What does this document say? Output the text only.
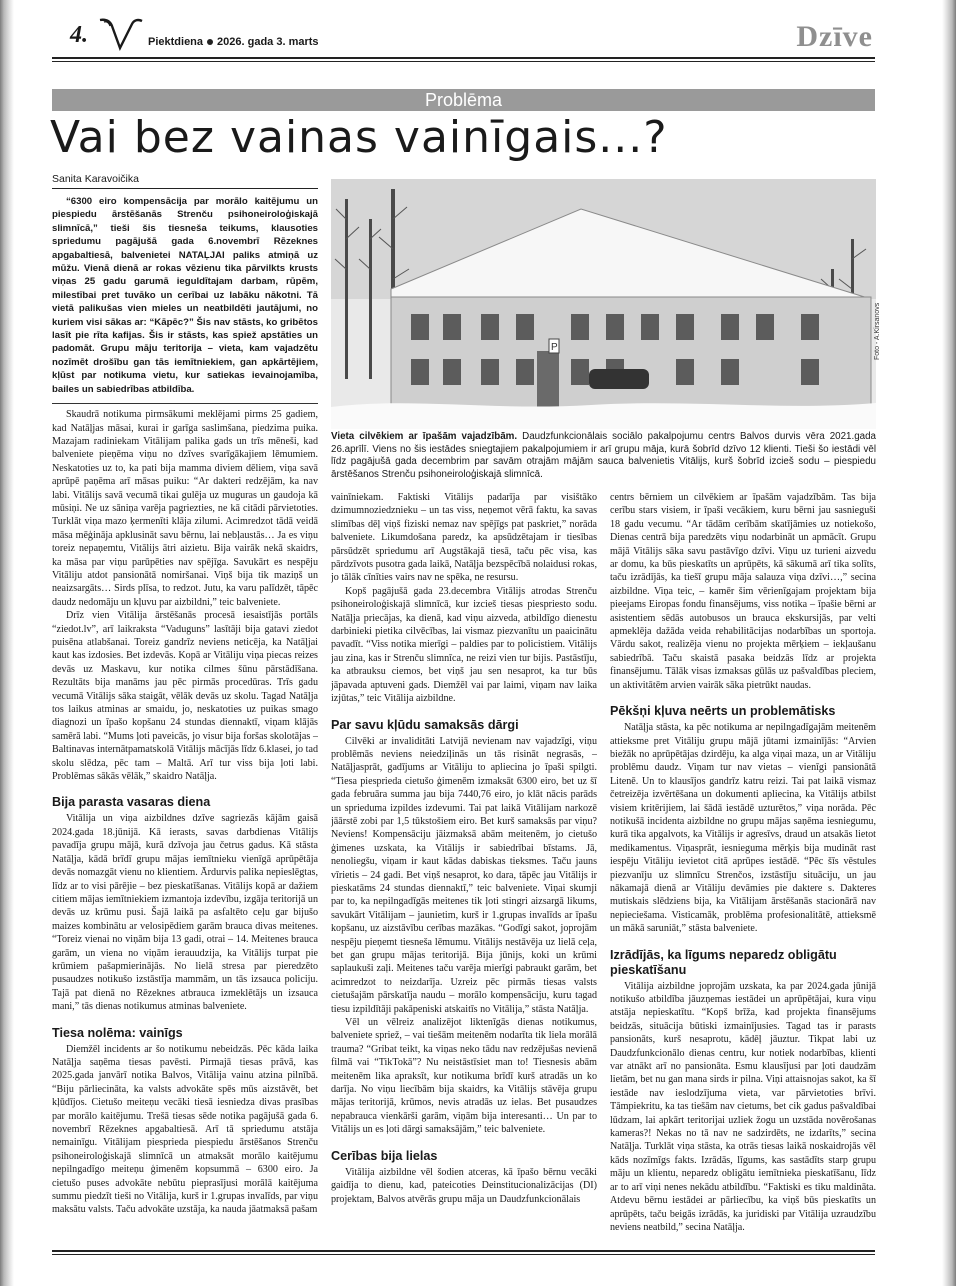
4.	Piektdiena 2026. gada 3. marts	Dzīve
Problēma
Vai bez vainas vainīgais...?
Sanita Karavoičika

“6300 eiro kompensācija par morālo kaitējumu un piespiedu ārstēšanās Strenču psihoneiroloģiskajā slimnīcā,” tieši šis tiesneša teikums, klausoties spriedumu pagājušā gada 6.novembrī Rēzeknes apgabaltiesā, balvenietei NATAĻJAI paliks atmiņā uz mūžu. Vienā dienā ar rokas vēzienu tika pārvilkts krusts viņas 25 gadu garumā ieguldītajam darbam, rūpēm, milestībai pret tuvāko un cerībai uz labāku nākotni. Tā vietā palikušas vien mieles un neatbildēti jautājumi, no kuriem visi sākas ar: “Kāpēc?” Šis nav stāsts, ko gribētos lasīt pie rīta kafijas. Šis ir stāsts, kas spiež apstāties un padomāt. Grupu māju teritorija – vieta, kam vajadzētu nozīmēt drošību gan tās iemītniekiem, gan apkārtējiem, kļūst par notikuma vietu, kur satiekas ievainojamība, bailes un sabiedrības atbildība.

Skaudrā notikuma pirmsākumi meklējami pirms 25 gadiem, kad Natāļjas māsai, kurai ir garīga saslimšana, piedzima puika. Mazajam radiniekam Vitālijam palika gads un trīs mēneši, kad balveniete pieņēma viņu no dzīves svarīgākajiem lēmumiem. Neskatoties uz to, ka pati bija mamma diviem dēliem, viņa savā aprūpē paņēma arī māsas puiku: “Ar dakteri redzējām, ka nav labi. Vitālijs savā vecumā tikai gulēja uz muguras un gaudoja kā mūsiņi. Ne uz sāniņa varēja pagriezties, ne kā citādi pārvietoties. Turklāt viņa mazo ķermenīti klāja zilumi. Acimredzot tādā veidā māsa mēģināja apklusināt savu bērnu, lai nebļaustās… Ja es viņu toreiz nepaņemtu, Vitālijs ātri aizietu. Bija vairāk nekā skaidrs, ka māsa par viņu parūpēties nav spējīga. Savukārt es nespēju Vitāliju atdot pansionātā nomiršanai. Viņš bija tik maziņš un neaizsargāts… Sirds plīsa, to redzot. Jutu, ka varu palīdzēt, tāpēc daudz nedomāju un kļuvu par aizbildni,” teic balveniete.

Drīz vien Vitālija ārstēšanās procesā iesaistījās portāls “ziedot.lv”, arī laikraksta “Vaduguns” lasītāji bija gatavi ziedot puisēna atlabšanai. Toreiz gandrīz neviens neticēja, ka Natāļjai kaut kas izdosies. Bet izdevās. Kopā ar Vitāliju viņa piecas reizes devās uz Maskavu, kur notika cilmes šūnu pārstādīšana. Rezultāts bija manāms jau pēc pirmās procedūras. Trīs gadu vecumā Vitālijs sāka staigāt, vēlāk devās uz skolu. Tagad Natāļja tos laikus atminas ar smaidu, jo, neskatoties uz puikas smago diagnozi un īpašo kopšanu 24 stundas diennaktī, viņam klājās samērā labi. “Mums ļoti paveicās, jo visur bija foršas skolotājas – Baltinavas internātpamatskolā Vitālijs mācījās līdz 6.klasei, jo tad skolu slēdza, pēc tam – Maltā. Arī tur viss bija ļoti labi. Problēmas sākās vēlāk,” skaidro Natāļja.

Bija parasta vasaras diena

Vitālija un viņa aizbildnes dzīve sagriezās kājām gaisā 2024.gada 18.jūnijā. Kā ierasts, savas darbdienas Vitālijs pavadīja grupu mājā, kurā dzīvoja jau četrus gadus. Kā stāsta Natāļja, kādā brīdī grupu mājas iemītnieku vienīgā aprūpētāja devās nomazgāt vienu no klientiem. Ārdurvis palika nepieslēgtas, līdz ar to visi pārējie – bez pieskatīšanas. Vitālijs kopā ar dažiem citiem mājas iemītniekiem izmantoja izdevību, izgāja teritorijā un devās uz krūmu pusi. Šajā laikā pa asfaltēto ceļu gar bijušo maizes kombinātu ar velosipēdiem garām brauca divas meitenes. “Toreiz vienai no viņām bija 13 gadi, otrai – 14. Meitenes brauca garām, un viena no viņām ierauudzija, ka Vitālijs turpat pie krūmiem pašapmierinājās. No lielā stresa par pieredzēto pusaudzes notikušo izstāstīja mammām, un tās izsauca policiju. Tajā pat dienā no Rēzeknes atbrauca izmeklētājs un izsauca mani,” tās dienas notikumus atminas balveniete.

Tiesa nolēma: vainīgs

Diemžēl incidents ar šo notikumu nebeidzās. Pēc kāda laika Natāļja saņēma tiesas pavēsti. Pirmajā tiesas prāvā, kas 2025.gada janvārī notika Balvos, Vitālija vainu atzina pilnībā. “Biju pārliecināta, ka valsts advokāte spēs mūs aizstāvēt, bet kļūdījos. Cietušo meiteņu vecāki tiesā iesniedza divas prasības par morālo kaitējumu. Trešā tiesas sēde notika pagājušā gada 6. novembrī Rēzeknes apgabaltiesā. Arī tā spriedumu atstāja nemainīgu. Vitālijam piesprieda piespiedu ārstēšanos Strenču psihoneiroloģiskajā slimnīcā un atmaksāt morālo kaitējumu nepilngadīgo meiteņu ģimenēm kopsummā – 6300 eiro. Ja cietušo puses advokāte nebūtu pieprasījusi morālā kaitējuma summu piedzīt tieši no Vitālija, kurš ir 1.grupas invalīds, par viņu maksātu valsts. Taču advokāte uzstāja, ka nauda jāatmaksā pašam

P	Foto - A.Kirsanovs
Vieta cilvēkiem ar īpašām vajadzībām. Daudzfunkcionālais sociālo pakalpojumu centrs Balvos durvis vēra 2021.gada 26.aprīlī. Viens no šis iestādes sniegtajiem pakalpojumiem ir arī grupu māja, kurā šobrīd dzīvo 12 klienti. Tieši šo iestādi vēl līdz pagājušā gada decembrim par savām otrajām mājām sauca balvenietis Vitālijs, kurš šobrīd izcieš sodu – piespiedu ārstēšanos Strenču psihoneiroloģiskajā slimnīcā.

vainīniekam. Faktiski Vitālijs padarīja par visištāko dzimumnoziedznieku – un tas viss, neņemot vērā faktu, ka savas slimības dēļ viņš fiziski nemaz nav spējīgs pat paskriet,” norāda balveniete. Likumdošana paredz, ka apsūdzētajam ir tiesības pārsūdzēt spriedumu arī Augstākajā tiesā, taču pēc visa, kas pārdzīvots pusotra gada laikā, Natāļja bezspēcībā nolaidusi rokas, jo tālāk cīnīties vairs nav ne spēka, ne resursu.

Kopš pagājušā gada 23.decembra Vitālijs atrodas Strenču psihoneiroloģiskajā slimnīcā, kur izcieš tiesas piespriesto sodu. Natāļja priecājas, ka dienā, kad viņu aizveda, atbildīgo dienestu darbinieki pietika cilvēcības, lai vismaz piezvanītu un paaicinātu pavadīt. “Viss notika mierīgi – paldies par to policistiem. Vitālijs jau zina, kas ir Strenču slimnīca, ne reizi vien tur bijis. Pastāstīju, ka atbrauksu ciemos, bet viņš jau sen nesaprot, ka tur būs jāpavada aptuveni gads. Diemžēl vai par laimi, viņam nav laika izjūtas,” teic Vitālija aizbildne.

Par savu kļūdu samaksās dārgi

Cilvēki ar invaliditāti Latvijā nevienam nav vajadzīgi, viņu problēmās neviens neiedziļinās un tās risināt negrasās, – Natāļjasprāt, gadījums ar Vitāliju to apliecina jo īpaši spilgti. “Tiesa piesprieda cietušo ģimenēm izmaksāt 6300 eiro, bet uz šī gada februāra summa jau bija 7440,76 eiro, jo klāt nācis parāds un sprieduma izpildes izdevumi. Tai pat laikā Vitālijam narkozē jāārstē zobi par 1,5 tūkstošiem eiro. Bet kurš samaksās par viņu? Neviens! Kompensāciju jāizmaksā abām meitenēm, jo cietušo ģimenes uzskata, ka Vitālijs ir sabiedrībai bīstams. Jā, nenoliegšu, viņam ir kaut kādas dabiskas tieksmes. Taču jauns vīrietis – 24 gadi. Bet viņš nesaprot, ko dara, tāpēc jau Vitālijs ir pieskatāms 24 stundas diennaktī,” teic balveniete. Viņai skumji par to, ka nepilngadīgās meitenes tik ļoti stingri aizsargā likums, savukārt Vitālijam – jaunietim, kurš ir 1.grupas invalīds ar īpašu kopšanu, uz aizstāvību cerības mazākas. “Godīgi sakot, joprojām nespēju pieņemt tiesneša lēmumu. Vitālijs nestāvēja uz lielā ceļa, bet gan grupu mājas teritorijā. Bija jūnijs, koki un krūmi saplaukuši zaļi. Meitenes taču varēja mierīgi pabraukt garām, bet acimredzot to neizdarīja. Uzreiz pēc pirmās tiesas valsts cietušajām pārskatīja naudu – morālo kompensāciju, kuru tagad tiesu izpildītāji pakāpeniski atskaitīs no Vitālija,” stāsta Natāļja.

Vēl un vēlreiz analizējot liktenīgās dienas notikumus, balveniete spriež, – vai tiešām meitenēm nodarīta tik liela morālā trauma? “Gribat teikt, ka viņas neko tādu nav redzējušas nevienā filmā vai “TikTokā”? Nu neistāstīsiet man to! Tiesnesis abām meitenēm lika apraksīt, kur notikuma brīdī kurš atradās un ko darīja. No viņu liecībām bija skaidrs, ka Vitālijs stāvēja grupu mājas teritorijā, krūmos, nevis atradās uz ielas. Bet pusaudzes nepabrauca vienkārši garām, viņām bija interesanti… Un par to Vitālijs un es ļoti dārgi samaksājām,” teic balveniete.

Cerības bija lielas

Vitālija aizbildne vēl šodien atceras, kā īpašo bērnu vecāki gaidīja to dienu, kad, pateicoties Deinstitucionalizācijas (DI) projektam, Balvos atvērās grupu māja un Daudzfunkcionālais

centrs bērniem un cilvēkiem ar īpašām vajadzībām. Tas bija cerību stars visiem, ir īpaši vecākiem, kuru bērni jau sasnieguši 18 gadu vecumu. “Ar tādām cerībām skatījāmies uz notiekošo, Dienas centrā bija paredzēts viņu nodarbināt un apmācīt. Grupu mājā Vitālijs sāka savu pastāvīgo dzīvi. Viņu uz turieni aizvedu ar domu, ka būs pieskatīts un aprūpēts, kā sākumā arī tika solīts, taču izrādījās, ka tiešī grupu māja salauza viņa dzīvi…,” secina aizbildne. Viņa teic, – kamēr šim vērienīgajam projektam bija pieejams Eiropas fondu finansējums, viss notika – īpašie bērni ar asistentiem sēdās autobusos un brauca ekskursijās, par velti apmeklēja dažāda veida rehabilitācijas nodarbības un sportoja. Vārdu sakot, realizēja vienu no projekta mērķiem – iekļaušanu sabiedrībā. Taču skaistā pasaka beidzās līdz ar projekta finansējumu. Tālāk visas izmaksas gūlās uz pašvaldības pleciem, un aktivitātēm arvien vairāk sāka pietrūkt naudas.

Pēkšņi kļuva neērts un problemātisks

Natāļja stāsta, ka pēc notikuma ar nepilngadīgajām meitenēm attieksme pret Vitāliju grupu mājā jūtami izmainījās: “Arvien biežāk no aprūpētājas dzirdēju, ka alga viņai maza, un ar Vitāliju problēmu daudz. Viņam tur nav vietas – vienīgi pansionātā Litenē. Un to klausījos gandrīz katru reizi. Tai pat laikā vismaz četreizēja izvērtēšana un dokumenti apliecina, ka Vitālijs atbilst visiem kritērijiem, lai šādā iestādē uzturētos,” viņa norāda. Pēc notikušā incidenta aizbildne no grupu mājas saņēma iesniegumu, kurā tika apgalvots, ka Vitālijs ir agresīvs, draud un atsakās lietot medikamentus. Viņasprāt, iesnieguma mērķis bija mudināt rast iespēju Vitāliju ievietot citā aprūpes iestādē. “Pēc šīs vēstules piezvanīju uz slimnīcu Strenčos, izstāstīju situāciju, un jau nākamajā dienā ar Vitāliju devāmies pie daktere s. Dakteres mutiskais slēdziens bija, ka Vitālijam ārstēšanās stacionārā nav nepieciešama. Visticamāk, problēma profesionalitātē, attieksmē un mākā saruniāt,” stāsta balveniete.

Izrādījās, ka līgums neparedz obligātu pieskatīšanu

Vitālija aizbildne joprojām uzskata, ka par 2024.gada jūnijā notikušo atbildība jāuzņemas iestādei un aprūpētājai, kura viņu atstāja nepieskatītu. “Kopš brīža, kad projekta finansējums beidzās, situācija būtiski izmainījusies. Tagad tas ir parasts pansionāts, kurš nesaprotu, kādēļ jāuztur. Tikpat labi uz Daudzfunkcionālo dienas centru, kur notiek nodarbības, klienti var atnākt arī no pansionāta. Esmu klausījusi par ļoti daudzām lietām, bet nu gan mana sirds ir pilna. Viņi attaisnojas sakot, ka šī iestāde nav ieslodzījuma vieta, var pārvietoties brīvi. Tāmpiekritu, ka tas tiešām nav cietums, bet cik gadus pašvaldībai lūdzam, lai apkārt teritorijai uzliek žogu un uzstāda novērošanas kameras?! Nekas no tā nav ne sadzirdēts, ne izdarīts,” secina Natāļja. Turklāt viņa stāsta, ka otrās tiesas laikā noskaidrojās vēl kāds nozīmīgs fakts. Izrādās, līgums, kas sastādīts starp grupu māju un klientu, neparedz obligātu iemītnieka pieskatīšanu, līdz ar to arī viņi nenes nekādu atbildību. “Faktiski es tiku maldināta. Atdevu bērnu iestādei ar pārliecību, ka viņš būs pieskatīts un aprūpēts, taču beigās izrādās, ka juridiski par Vitālija uzraudzību neviens neatbild,” secina Natāļja.
